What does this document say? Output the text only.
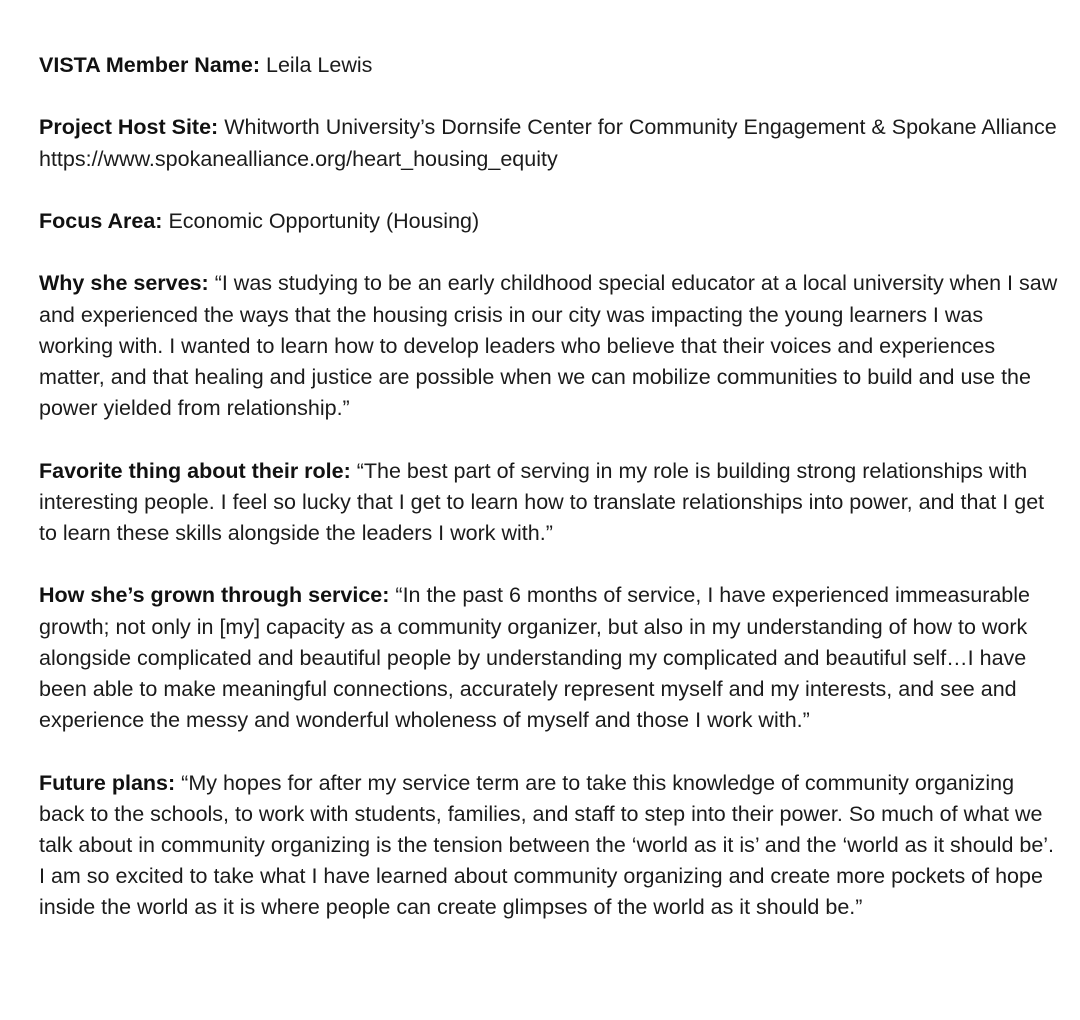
VISTA Member Name: Leila Lewis

Project Host Site: Whitworth University’s Dornsife Center for Community Engagement & Spokane Alliance https://www.spokanealliance.org/heart_housing_equity

Focus Area: Economic Opportunity (Housing)

Why she serves: “I was studying to be an early childhood special educator at a local university when I saw and experienced the ways that the housing crisis in our city was impacting the young learners I was working with. I wanted to learn how to develop leaders who believe that their voices and experiences matter, and that healing and justice are possible when we can mobilize communities to build and use the power yielded from relationship.”

Favorite thing about their role: “The best part of serving in my role is building strong relationships with interesting people. I feel so lucky that I get to learn how to translate relationships into power, and that I get to learn these skills alongside the leaders I work with.”

How she’s grown through service: “In the past 6 months of service, I have experienced immeasurable growth; not only in [my] capacity as a community organizer, but also in my understanding of how to work alongside complicated and beautiful people by understanding my complicated and beautiful self…I have been able to make meaningful connections, accurately represent myself and my interests, and see and experience the messy and wonderful wholeness of myself and those I work with.”

Future plans: “My hopes for after my service term are to take this knowledge of community organizing back to the schools, to work with students, families, and staff to step into their power. So much of what we talk about in community organizing is the tension between the ‘world as it is’ and the ‘world as it should be’. I am so excited to take what I have learned about community organizing and create more pockets of hope inside the world as it is where people can create glimpses of the world as it should be.”
